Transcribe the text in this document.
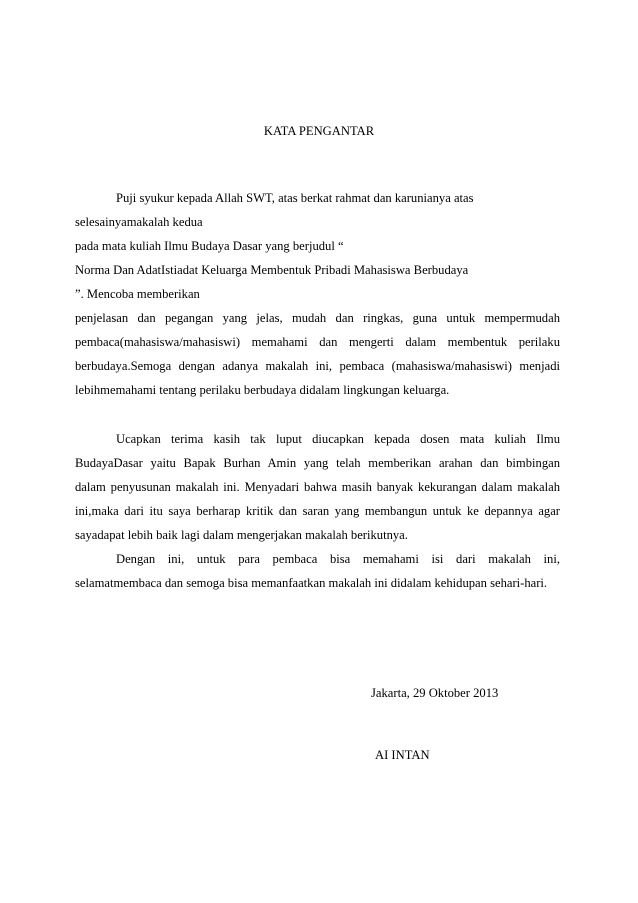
KATA PENGANTAR

Puji syukur kepada Allah SWT, atas berkat rahmat dan karunianya atas

selesainyamakalah kedua

pada mata kuliah Ilmu Budaya Dasar yang berjudul “

Norma Dan AdatIstiadat Keluarga Membentuk Pribadi Mahasiswa Berbudaya

”. Mencoba memberikan

penjelasan dan pegangan yang jelas, mudah dan ringkas, guna untuk mempermudah

pembaca(mahasiswa/mahasiswi) memahami dan mengerti dalam membentuk perilaku

berbudaya.Semoga dengan adanya makalah ini, pembaca (mahasiswa/mahasiswi) menjadi

lebihmemahami tentang perilaku berbudaya didalam lingkungan keluarga.

Ucapkan terima kasih tak luput diucapkan kepada dosen mata kuliah Ilmu

BudayaDasar yaitu Bapak Burhan Amin yang telah memberikan arahan dan bimbingan

dalam penyusunan makalah ini. Menyadari bahwa masih banyak kekurangan dalam makalah

ini,maka dari itu saya berharap kritik dan saran yang membangun untuk ke depannya agar

sayadapat lebih baik lagi dalam mengerjakan makalah berikutnya.

Dengan ini, untuk para pembaca bisa memahami isi dari makalah ini,

selamatmembaca dan semoga bisa memanfaatkan makalah ini didalam kehidupan sehari-hari.

Jakarta, 29 Oktober 2013

AI INTAN
